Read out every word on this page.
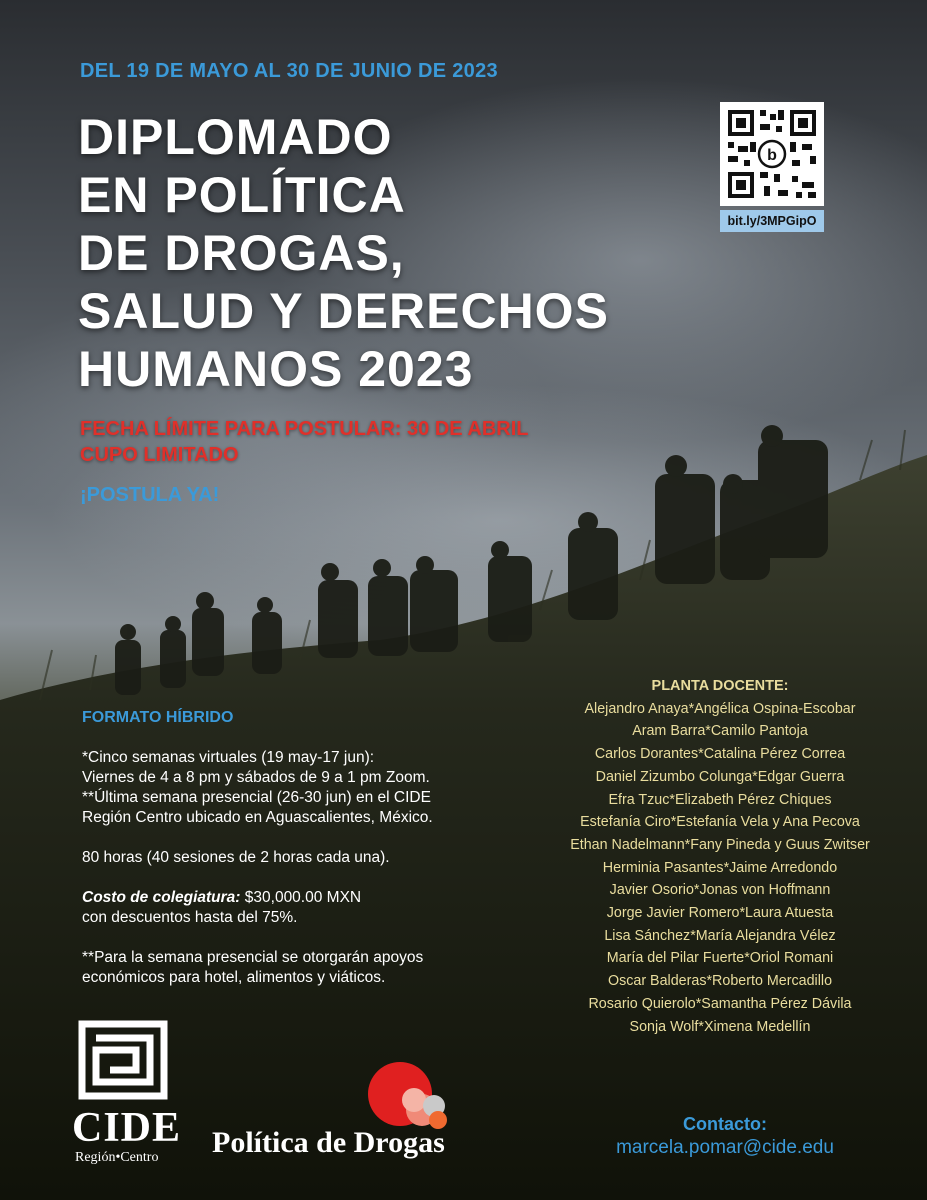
DEL 19 DE MAYO AL 30 DE JUNIO DE 2023
DIPLOMADO
EN POLÍTICA
DE DROGAS,
SALUD Y DERECHOS
HUMANOS 2023
FECHA LÍMITE PARA POSTULAR: 30 DE ABRIL
CUPO LIMITADO
¡POSTULA YA!
b
bit.ly/3MPGipO
FORMATO HÍBRIDO

*Cinco semanas virtuales (19 may-17 jun):
Viernes de 4 a 8 pm y sábados de 9 a 1 pm Zoom.
**Última semana presencial (26-30 jun) en el CIDE
Región Centro ubicado en Aguascalientes, México.

80 horas (40 sesiones de 2 horas cada una).

Costo de colegiatura: $30,000.00 MXN
con descuentos hasta del 75%.

**Para la semana presencial se otorgarán apoyos
económicos para hotel, alimentos y viáticos.

PLANTA DOCENTE:
Alejandro Anaya*Angélica Ospina-Escobar
Aram Barra*Camilo Pantoja
Carlos Dorantes*Catalina Pérez Correa
Daniel Zizumbo Colunga*Edgar Guerra
Efra Tzuc*Elizabeth Pérez Chiques
Estefanía Ciro*Estefanía Vela y Ana Pecova
Ethan Nadelmann*Fany Pineda y Guus Zwitser
Herminia Pasantes*Jaime Arredondo
Javier Osorio*Jonas von Hoffmann
Jorge Javier Romero*Laura Atuesta
Lisa Sánchez*María Alejandra Vélez
María del Pilar Fuerte*Oriol Romani
Oscar Balderas*Roberto Mercadillo
Rosario Quierolo*Samantha Pérez Dávila
Sonja Wolf*Ximena Medellín
CIDE
Región•Centro Política de Drogas
Contacto:
marcela.pomar@cide.edu
